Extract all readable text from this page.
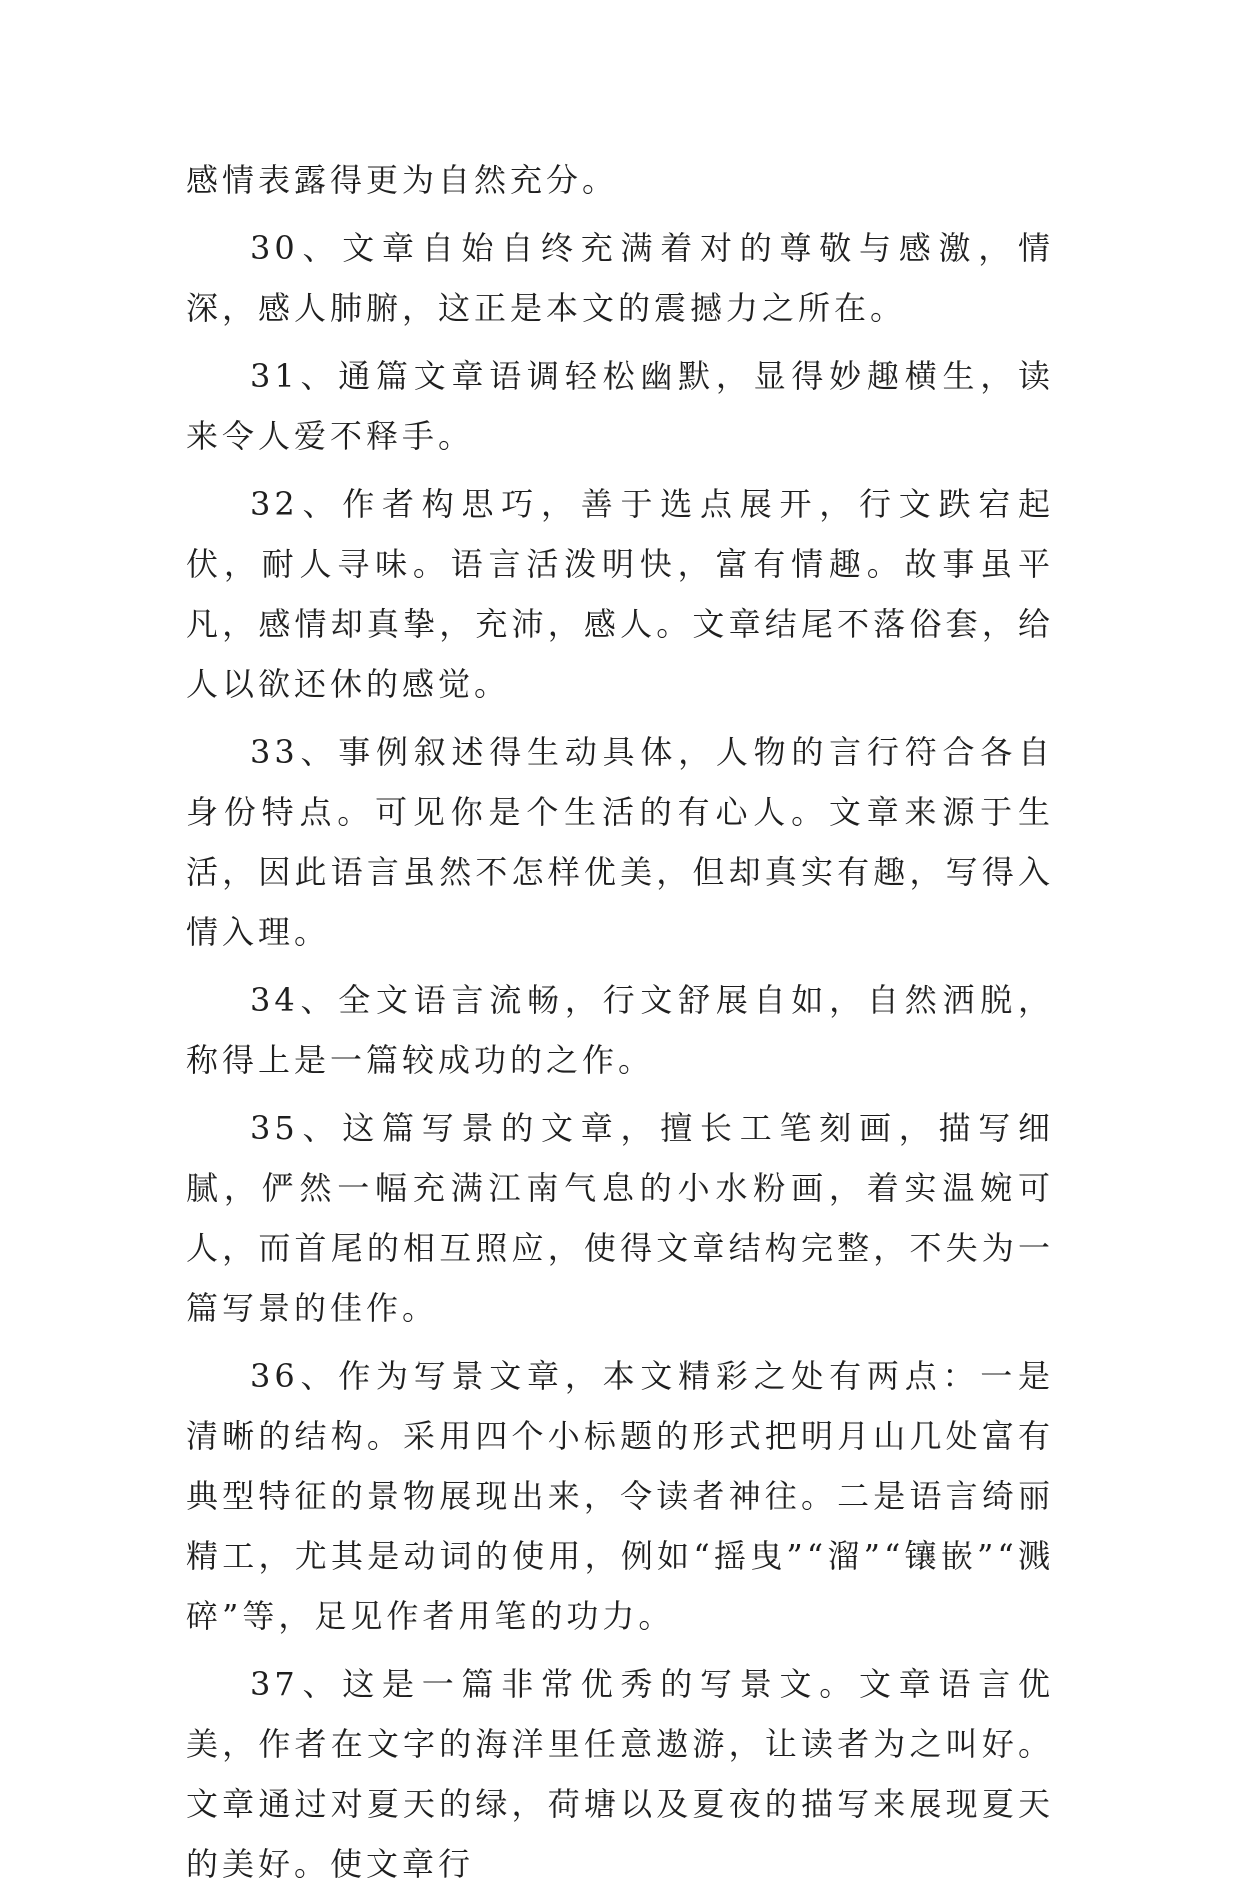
感情表露得更为自然充分。

30、文章自始自终充满着对的尊敬与感激，情深，感人肺腑，这正是本文的震撼力之所在。

31、通篇文章语调轻松幽默，显得妙趣横生，读来令人爱不释手。

32、作者构思巧，善于选点展开，行文跌宕起伏，耐人寻味。语言活泼明快，富有情趣。故事虽平凡，感情却真挚，充沛，感人。文章结尾不落俗套，给人以欲还休的感觉。

33、事例叙述得生动具体，人物的言行符合各自身份特点。可见你是个生活的有心人。文章来源于生活，因此语言虽然不怎样优美，但却真实有趣，写得入情入理。

34、全文语言流畅，行文舒展自如，自然洒脱，称得上是一篇较成功的之作。

35、这篇写景的文章，擅长工笔刻画，描写细腻，俨然一幅充满江南气息的小水粉画，着实温婉可人，而首尾的相互照应，使得文章结构完整，不失为一篇写景的佳作。

36、作为写景文章，本文精彩之处有两点：一是清晰的结构。采用四个小标题的形式把明月山几处富有典型特征的景物展现出来，令读者神往。二是语言绮丽精工，尤其是动词的使用，例如“摇曳”“溜”“镶嵌”“溅碎”等，足见作者用笔的功力。

37、这是一篇非常优秀的写景文。文章语言优美，作者在文字的海洋里任意遨游，让读者为之叫好。文章通过对夏天的绿，荷塘以及夏夜的描写来展现夏天的美好。使文章行
